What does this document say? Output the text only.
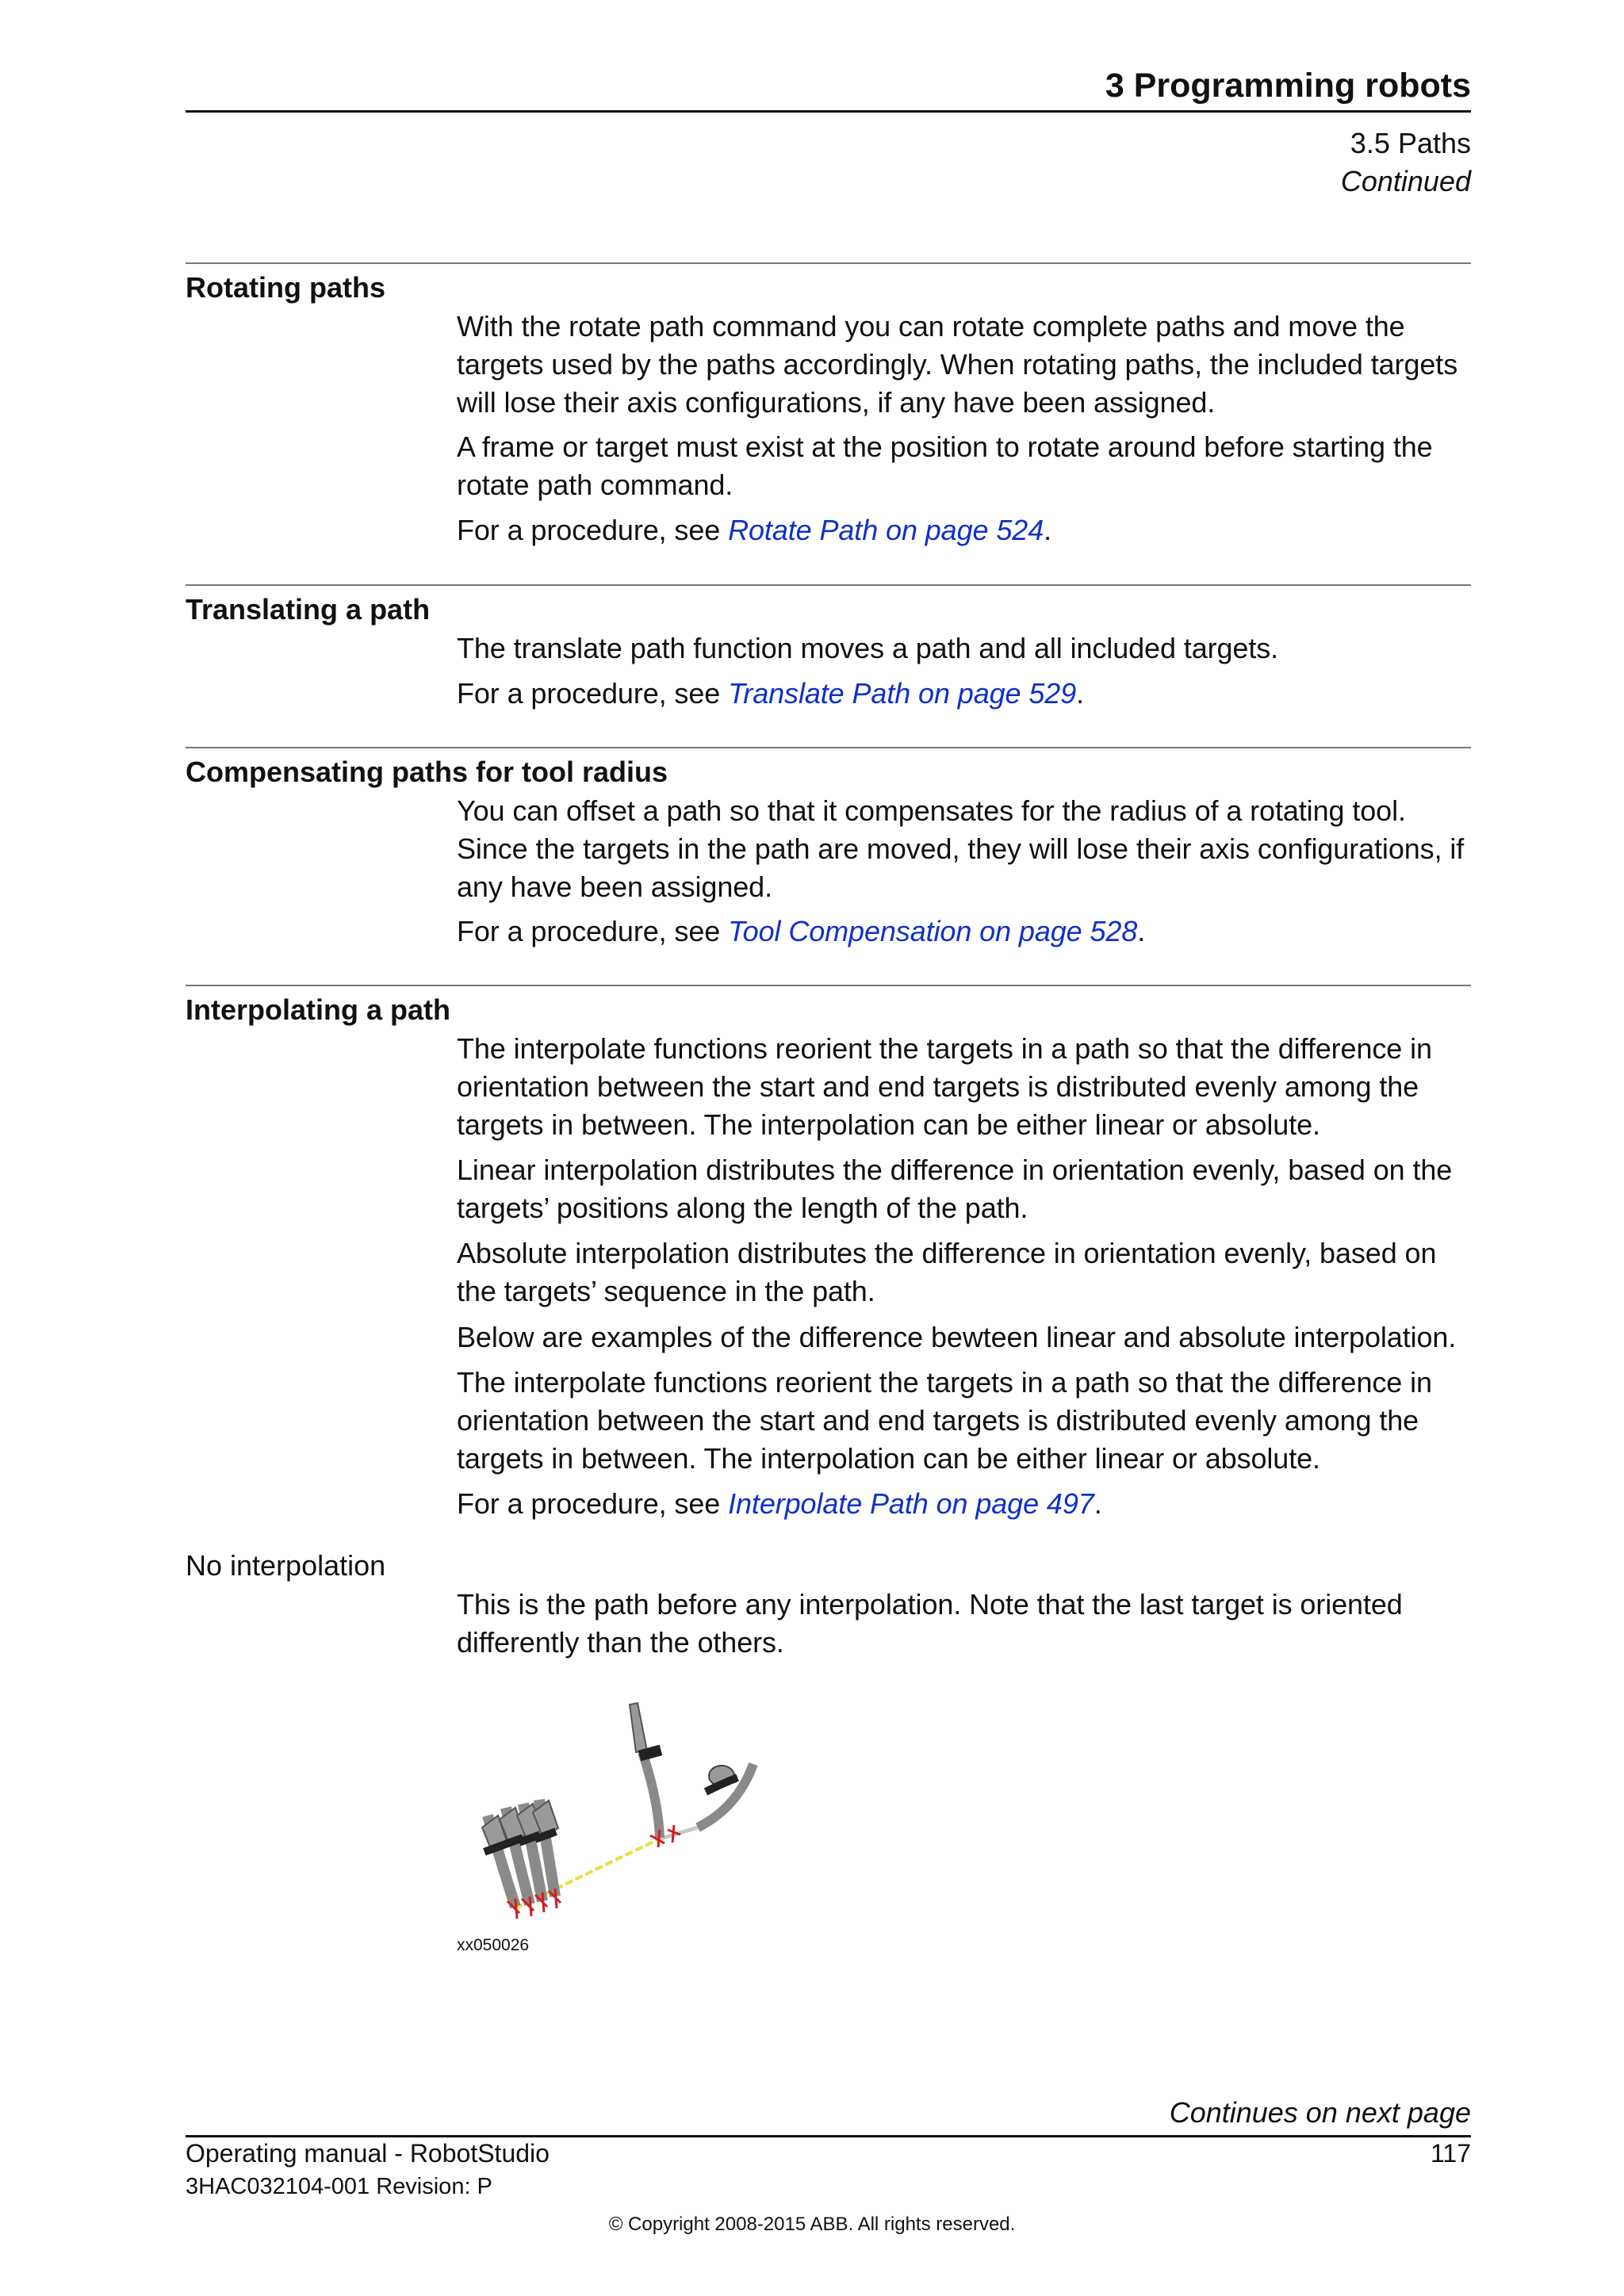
3 Programming robots
3.5 Paths
Continued
Rotating paths

With the rotate path command you can rotate complete paths and move the targets used by the paths accordingly. When rotating paths, the included targets will lose their axis configurations, if any have been assigned.

A frame or target must exist at the position to rotate around before starting the rotate path command.

For a procedure, see Rotate Path on page 524.

Translating a path

The translate path function moves a path and all included targets.

For a procedure, see Translate Path on page 529.

Compensating paths for tool radius

You can offset a path so that it compensates for the radius of a rotating tool. Since the targets in the path are moved, they will lose their axis configurations, if any have been assigned.

For a procedure, see Tool Compensation on page 528.

Interpolating a path

The interpolate functions reorient the targets in a path so that the difference in orientation between the start and end targets is distributed evenly among the targets in between. The interpolation can be either linear or absolute.

Linear interpolation distributes the difference in orientation evenly, based on the targets’ positions along the length of the path.

Absolute interpolation distributes the difference in orientation evenly, based on the targets’ sequence in the path.

Below are examples of the difference bewteen linear and absolute interpolation.

The interpolate functions reorient the targets in a path so that the difference in orientation between the start and end targets is distributed evenly among the targets in between. The interpolation can be either linear or absolute.

For a procedure, see Interpolate Path on page 497.

No interpolation

This is the path before any interpolation. Note that the last target is oriented differently than the others.

xx050026
Continues on next page
Operating manual - RobotStudio
3HAC032104-001 Revision: P
117
© Copyright 2008-2015 ABB. All rights reserved.
